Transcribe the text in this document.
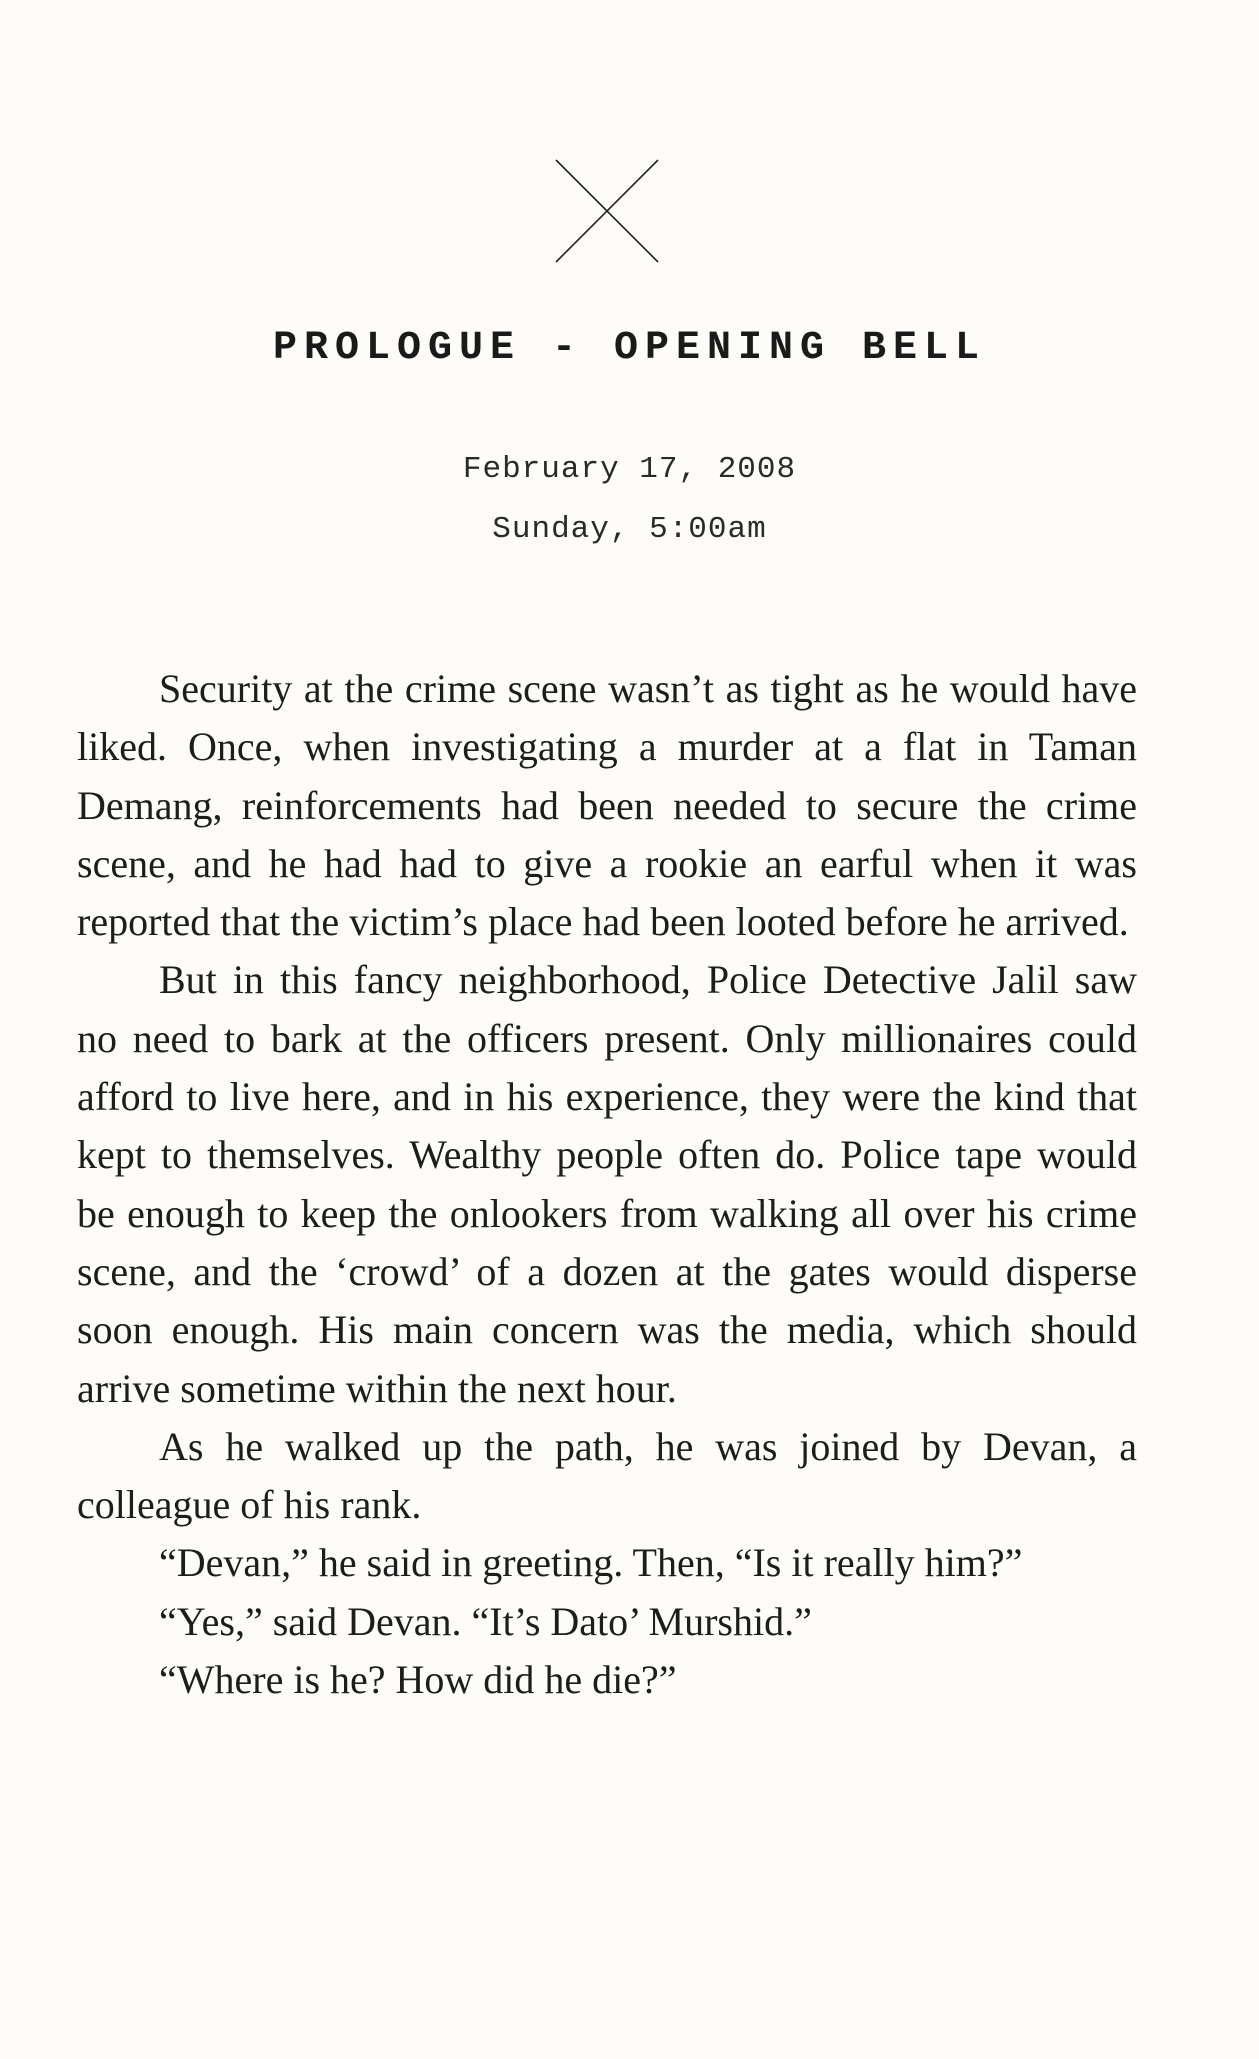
PROLOGUE - OPENING BELL
February 17, 2008
Sunday, 5:00am

Security at the crime scene wasn’t as tight as he would have liked. Once, when investigating a murder at a flat in Taman Demang, reinforcements had been needed to secure the crime scene, and he had had to give a rookie an earful when it was reported that the victim’s place had been looted before he arrived.

But in this fancy neighborhood, Police Detective Jalil saw no need to bark at the officers present. Only millionaires could afford to live here, and in his experience, they were the kind that kept to themselves. Wealthy people often do. Police tape would be enough to keep the onlookers from walking all over his crime scene, and the ‘crowd’ of a dozen at the gates would disperse soon enough. His main concern was the media, which should arrive sometime within the next hour.

As he walked up the path, he was joined by Devan, a colleague of his rank.

“Devan,” he said in greeting. Then, “Is it really him?”

“Yes,” said Devan. “It’s Dato’ Murshid.”

“Where is he? How did he die?”
